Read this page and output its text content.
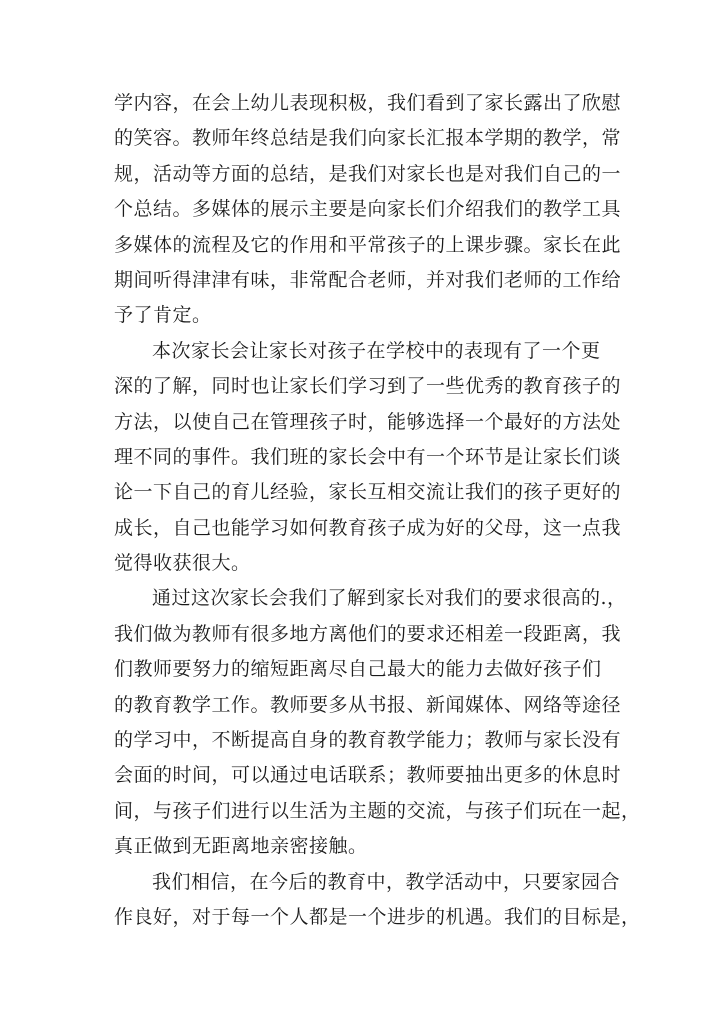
学内容，在会上幼儿表现积极，我们看到了家长露出了欣慰
的笑容。教师年终总结是我们向家长汇报本学期的教学，常
规，活动等方面的总结，是我们对家长也是对我们自己的一
个总结。多媒体的展示主要是向家长们介绍我们的教学工具
多媒体的流程及它的作用和平常孩子的上课步骤。家长在此
期间听得津津有味，非常配合老师，并对我们老师的工作给
予了肯定。
本次家长会让家长对孩子在学校中的表现有了一个更
深的了解，同时也让家长们学习到了一些优秀的教育孩子的
方法，以使自己在管理孩子时，能够选择一个最好的方法处
理不同的事件。我们班的家长会中有一个环节是让家长们谈
论一下自己的育儿经验，家长互相交流让我们的孩子更好的
成长，自己也能学习如何教育孩子成为好的父母，这一点我
觉得收获很大。
通过这次家长会我们了解到家长对我们的要求很高的.，
我们做为教师有很多地方离他们的要求还相差一段距离，我
们教师要努力的缩短距离尽自己最大的能力去做好孩子们
的教育教学工作。教师要多从书报、新闻媒体、网络等途径
的学习中，不断提高自身的教育教学能力；教师与家长没有
会面的时间，可以通过电话联系；教师要抽出更多的休息时
间，与孩子们进行以生活为主题的交流，与孩子们玩在一起，
真正做到无距离地亲密接触。
我们相信，在今后的教育中，教学活动中，只要家园合
作良好，对于每一个人都是一个进步的机遇。我们的目标是，
